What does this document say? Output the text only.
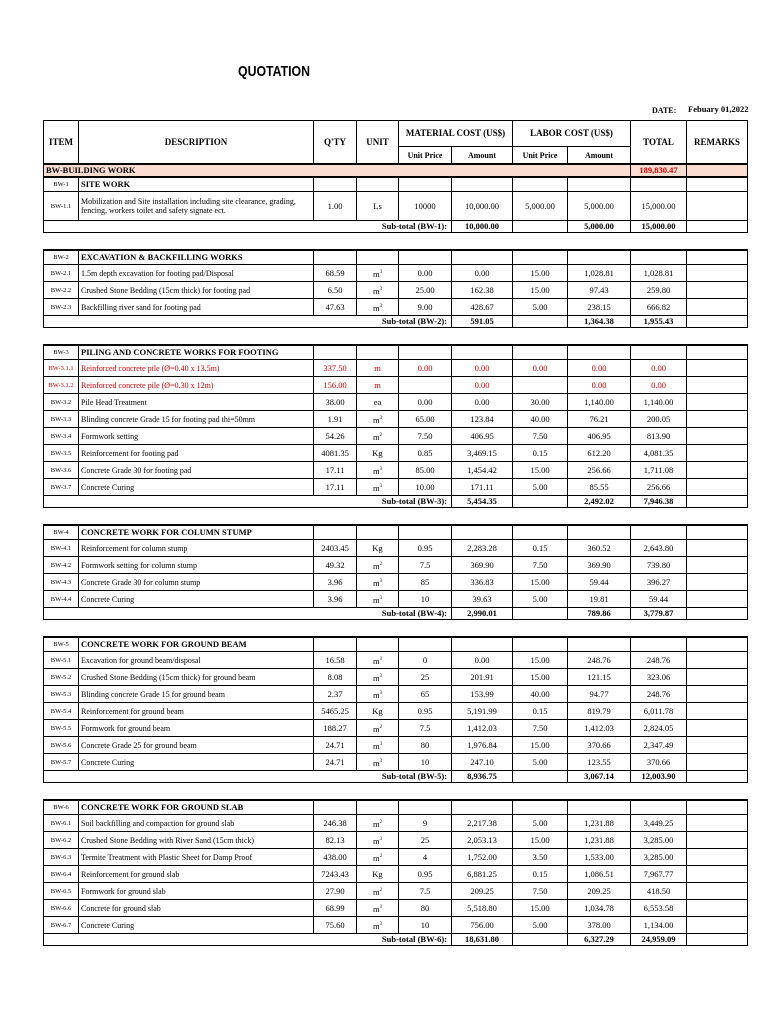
QUOTATION
DATE: Febuary 01,2022
ITEM	DESCRIPTION	Q'TY	UNIT	MATERIAL COST (US$)		LABOR COST (US$)		TOTAL	REMARKS
				Unit Price	Amount	Unit Price	Amount		
BW-BUILDING WORK								189,830.47	
BW-1	SITE WORK								
BW-1.1	Mobilization and Site installation including site clearance, grading, fencing, workers toilet and safety signate ect.	1.00	Ls	10000	10,000.00	5,000.00	5,000.00	15,000.00	
Sub-total (BW-1):					10,000.00		5,000.00	15,000.00	

BW-2	EXCAVATION & BACKFILLING WORKS								
BW-2.1	1.5m depth excavation for footing pad/Disposal	68.59	$m^3$	0.00	0.00	15.00	1,028.81	1,028.81	
BW-2.2	Crushed Stone Bedding (15cm thick) for footing pad	6.50	$m^3$	25.00	162.38	15.00	97.43	259.80	
BW-2.3	Backfilling river sand for footing pad	47.63	$m^3$	9.00	428.67	5.00	238.15	666.82	
Sub-total (BW-2):					591.05		1,364.38	1,955.43	

BW-3	PILING AND CONCRETE WORKS FOR FOOTING								
BW-3.1.1	Reinforced concrete pile (Ø=0.40 x 13.5m)	337.50	m	0.00	0.00	0.00	0.00	0.00	
BW-3.1.2	Reinforced concrete pile (Ø=0.30 x 12m)	156.00	m		0.00		0.00	0.00	
BW-3.2	Pile Head Treatment	38.00	ea	0.00	0.00	30.00	1,140.00	1,140.00	
BW-3.3	Blinding concrete Grade 15 for footing pad thi=50mm	1.91	$m^3$	65.00	123.84	40.00	76.21	200.05	
BW-3.4	Formwork setting	54.26	$m^2$	7.50	406.95	7.50	406.95	813.90	
BW-3.5	Reinforcement for footing pad	4081.35	Kg	0.85	3,469.15	0.15	612.20	4,081.35	
BW-3.6	Concrete Grade 30 for footing pad	17.11	$m^3$	85.00	1,454.42	15.00	256.66	1,711.08	
BW-3.7	Concrete Curing	17.11	$m^3$	10.00	171.11	5.00	85.55	256.66	
Sub-total (BW-3):					5,454.35		2,492.02	7,946.38	

BW-4	CONCRETE WORK FOR COLUMN STUMP								
BW-4.1	Reinforcement for column stump	2403.45	Kg	0.95	2,283.28	0.15	360.52	2,643.80	
BW-4.2	Formwork setting for column stump	49.32	$m^2$	7.5	369.90	7.50	369.90	739.80	
BW-4.3	Concrete Grade 30 for column stump	3.96	$m^3$	85	336.83	15.00	59.44	396.27	
BW-4.4	Concrete Curing	3.96	$m^3$	10	39.63	5.00	19.81	59.44	
Sub-total (BW-4):					2,990.01		789.86	3,779.87	

BW-5	CONCRETE WORK FOR GROUND BEAM								
BW-5.1	Excavation for ground beam/disposal	16.58	$m^3$	0	0.00	15.00	248.76	248.76	
BW-5.2	Crushed Stone Bedding (15cm thick) for ground beam	8.08	$m^3$	25	201.91	15.00	121.15	323.06	
BW-5.3	Blinding concrete Grade 15 for ground beam	2.37	$m^3$	65	153.99	40.00	94.77	248.76	
BW-5.4	Reinforcement for ground beam	5465.25	Kg	0.95	5,191.99	0.15	819.79	6,011.78	
BW-5.5	Formwork for ground beam	188.27	$m^2$	7.5	1,412.03	7.50	1,412.03	2,824.05	
BW-5.6	Concrete Grade 25 for ground beam	24.71	$m^3$	80	1,976.84	15.00	370.66	2,347.49	
BW-5.7	Concrete Curing	24.71	$m^3$	10	247.10	5.00	123.55	370.66	
Sub-total (BW-5):					8,936.75		3,067.14	12,003.90	

BW-6	CONCRETE WORK FOR GROUND SLAB								
BW-6.1	Soil backfilling and compaction for ground slab	246.38	$m^2$	9	2,217.38	5.00	1,231.88	3,449.25	
BW-6.2	Crushed Stone Bedding with River Sand (15cm thick)	82.13	$m^3$	25	2,053.13	15.00	1,231.88	3,285.00	
BW-6.3	Termite Treatment with Plastic Sheet for Damp Proof	438.00	$m^2$	4	1,752.00	3.50	1,533.00	3,285.00	
BW-6.4	Reinforcement for ground slab	7243.43	Kg	0.95	6,881.25	0.15	1,086.51	7,967.77	
BW-6.5	Formwork for ground slab	27.90	$m^2$	7.5	209.25	7.50	209.25	418.50	
BW-6.6	Concrete for ground slab	68.99	$m^3$	80	5,518.80	15.00	1,034.78	6,553.58	
BW-6.7	Concrete Curing	75.60	$m^3$	10	756.00	5.00	378.00	1,134.00	
Sub-total (BW-6):					18,631.80		6,327.29	24,959.09	
